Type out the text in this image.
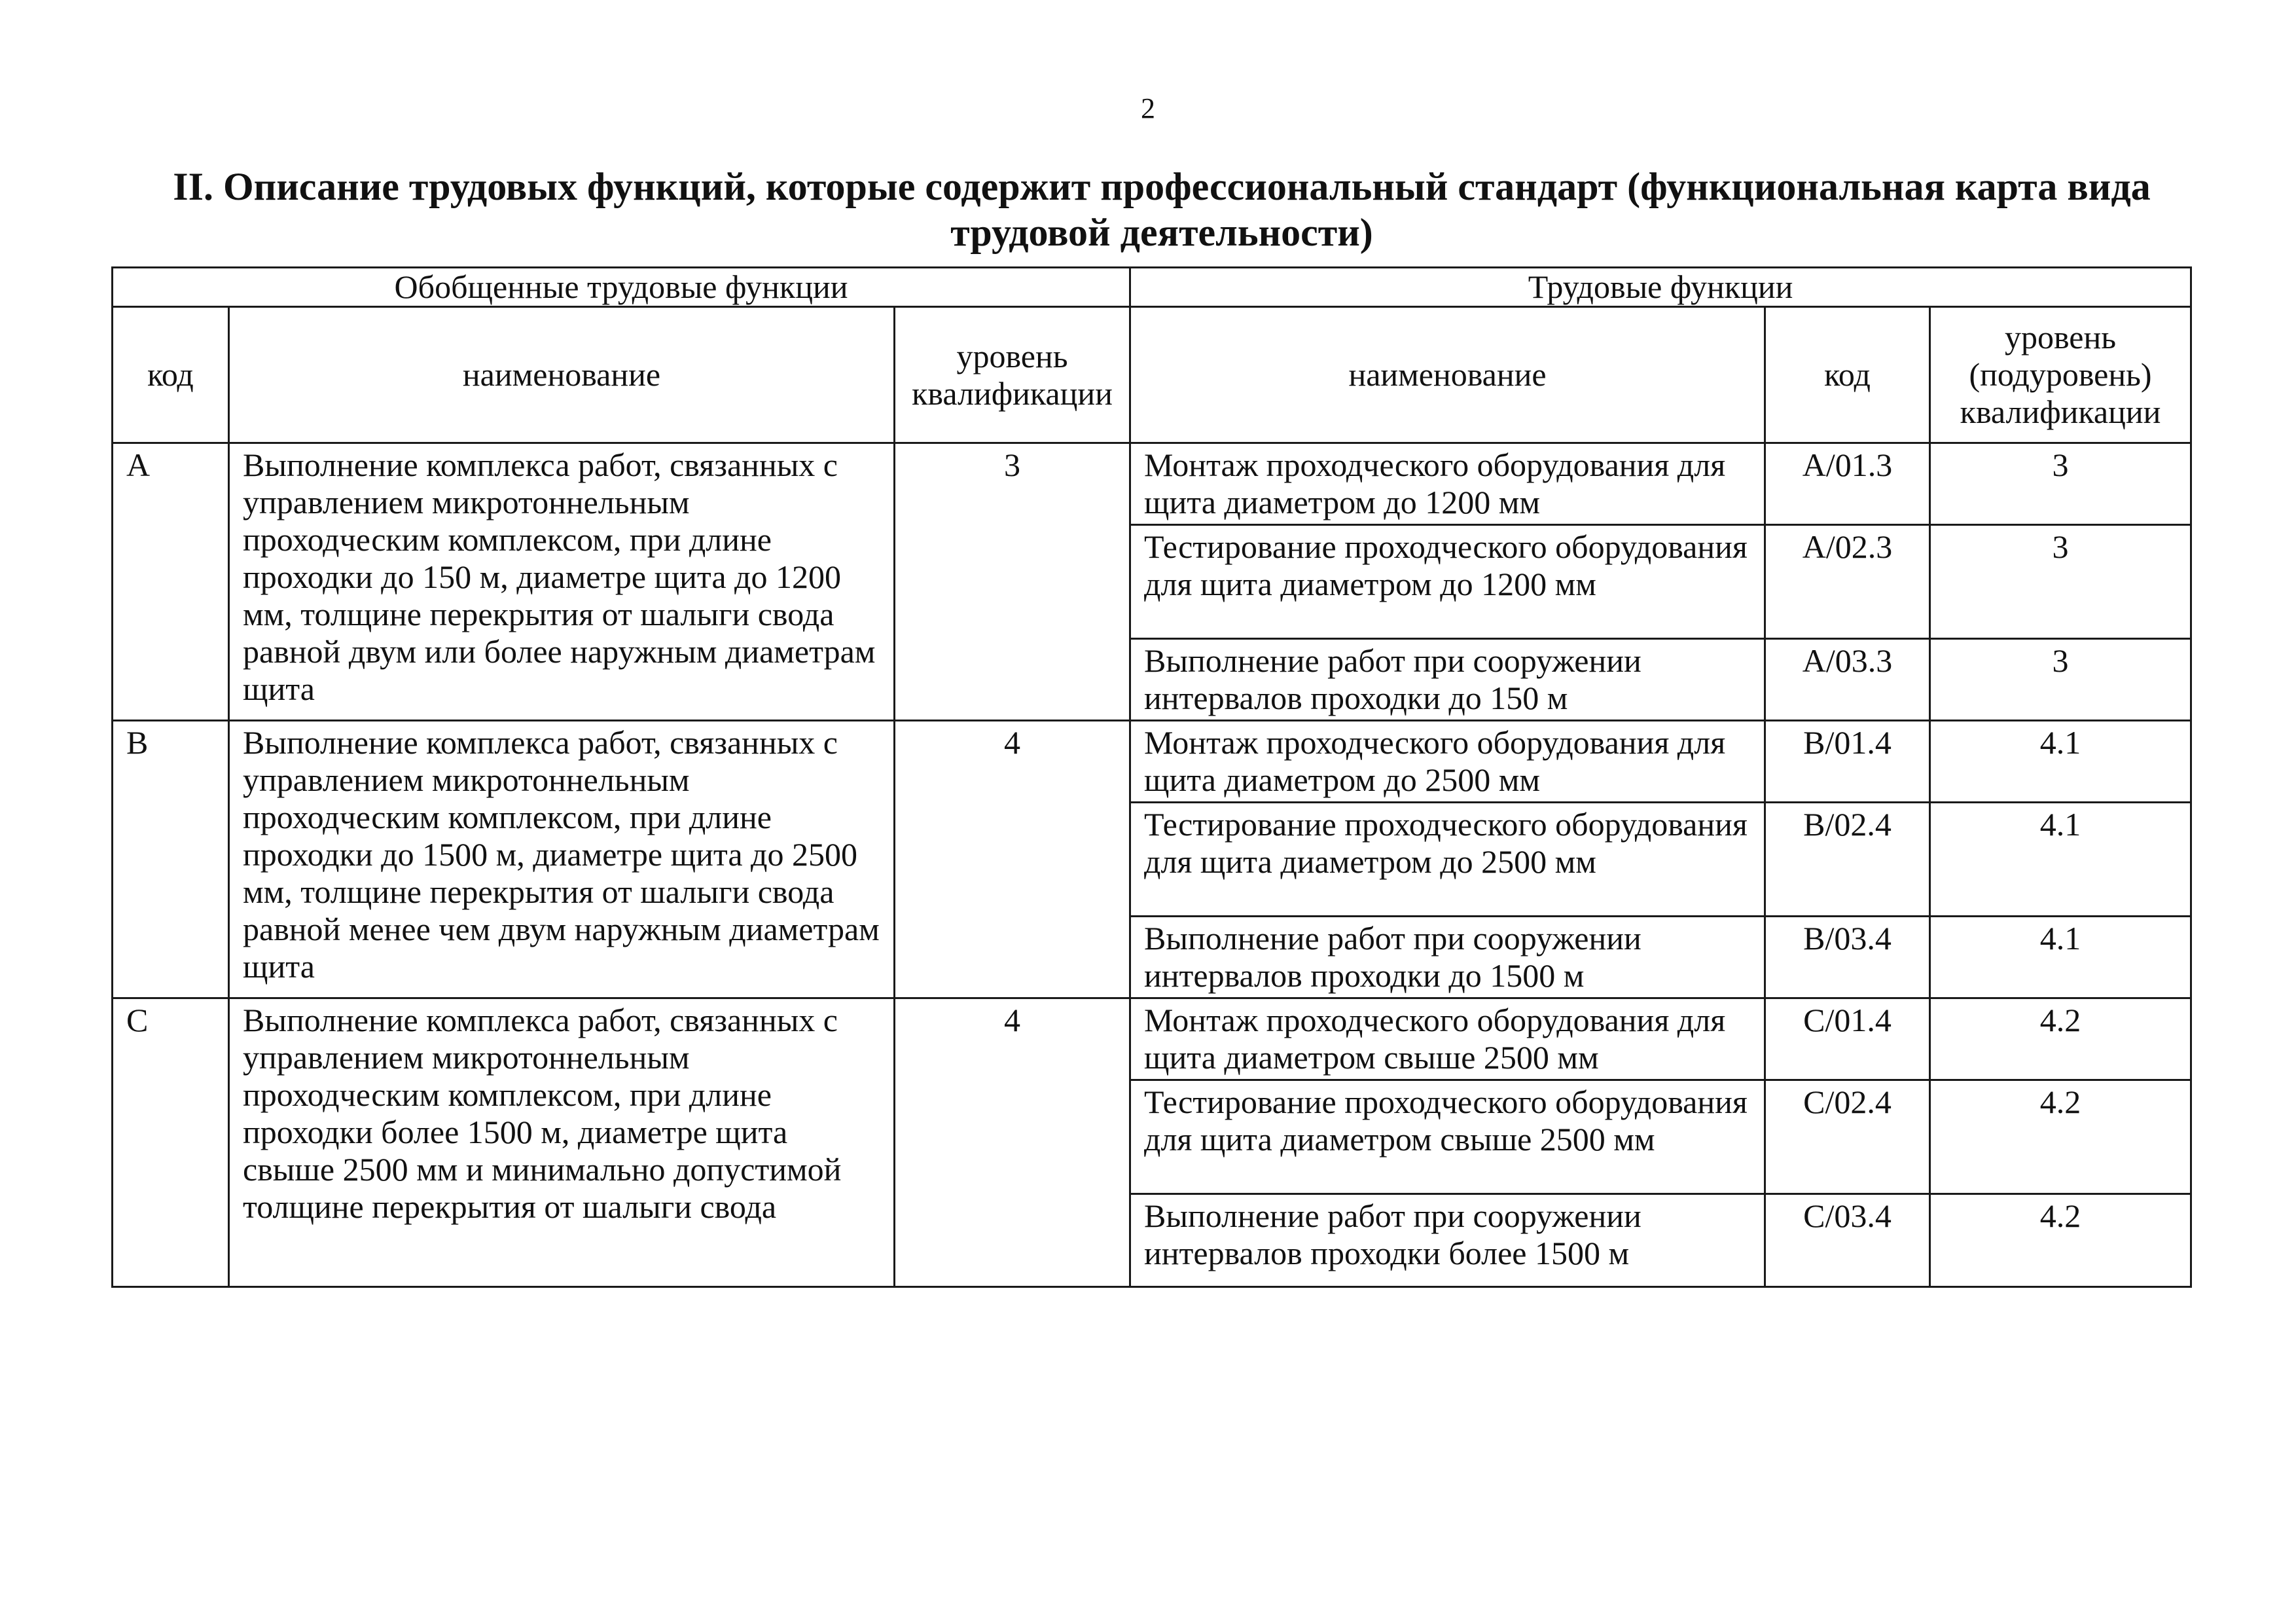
2
II. Описание трудовых функций, которые содержит профессиональный стандарт (функциональная карта вида трудовой деятельности)
Обобщенные трудовые функции			Трудовые функции		
код	наименование	уровень квалификации	наименование	код	уровень (подуровень) квалификации
A	Выполнение комплекса работ, связанных с управлением микротоннельным проходческим комплексом, при длине проходки до 150 м, диаметре щита до 1200 мм, толщине перекрытия от шалыги свода равной двум или более наружным диаметрам щита	3	Монтаж проходческого оборудования для щита диаметром до 1200 мм	A/01.3	3
			Тестирование проходческого оборудования для щита диаметром до 1200 мм	A/02.3	3
			Выполнение работ при сооружении интервалов проходки до 150 м	A/03.3	3
B	Выполнение комплекса работ, связанных с управлением микротоннельным проходческим комплексом, при длине проходки до 1500 м, диаметре щита до 2500 мм, толщине перекрытия от шалыги свода равной менее чем двум наружным диаметрам щита	4	Монтаж проходческого оборудования для щита диаметром до 2500 мм	B/01.4	4.1
			Тестирование проходческого оборудования для щита диаметром до 2500 мм	B/02.4	4.1
			Выполнение работ при сооружении интервалов проходки до 1500 м	B/03.4	4.1
C	Выполнение комплекса работ, связанных с управлением микротоннельным проходческим комплексом, при длине проходки более 1500 м, диаметре щита свыше 2500 мм и минимально допустимой толщине перекрытия от шалыги свода	4	Монтаж проходческого оборудования для щита диаметром свыше 2500 мм	C/01.4	4.2
			Тестирование проходческого оборудования для щита диаметром свыше 2500 мм	C/02.4	4.2
			Выполнение работ при сооружении интервалов проходки более 1500 м	C/03.4	4.2
